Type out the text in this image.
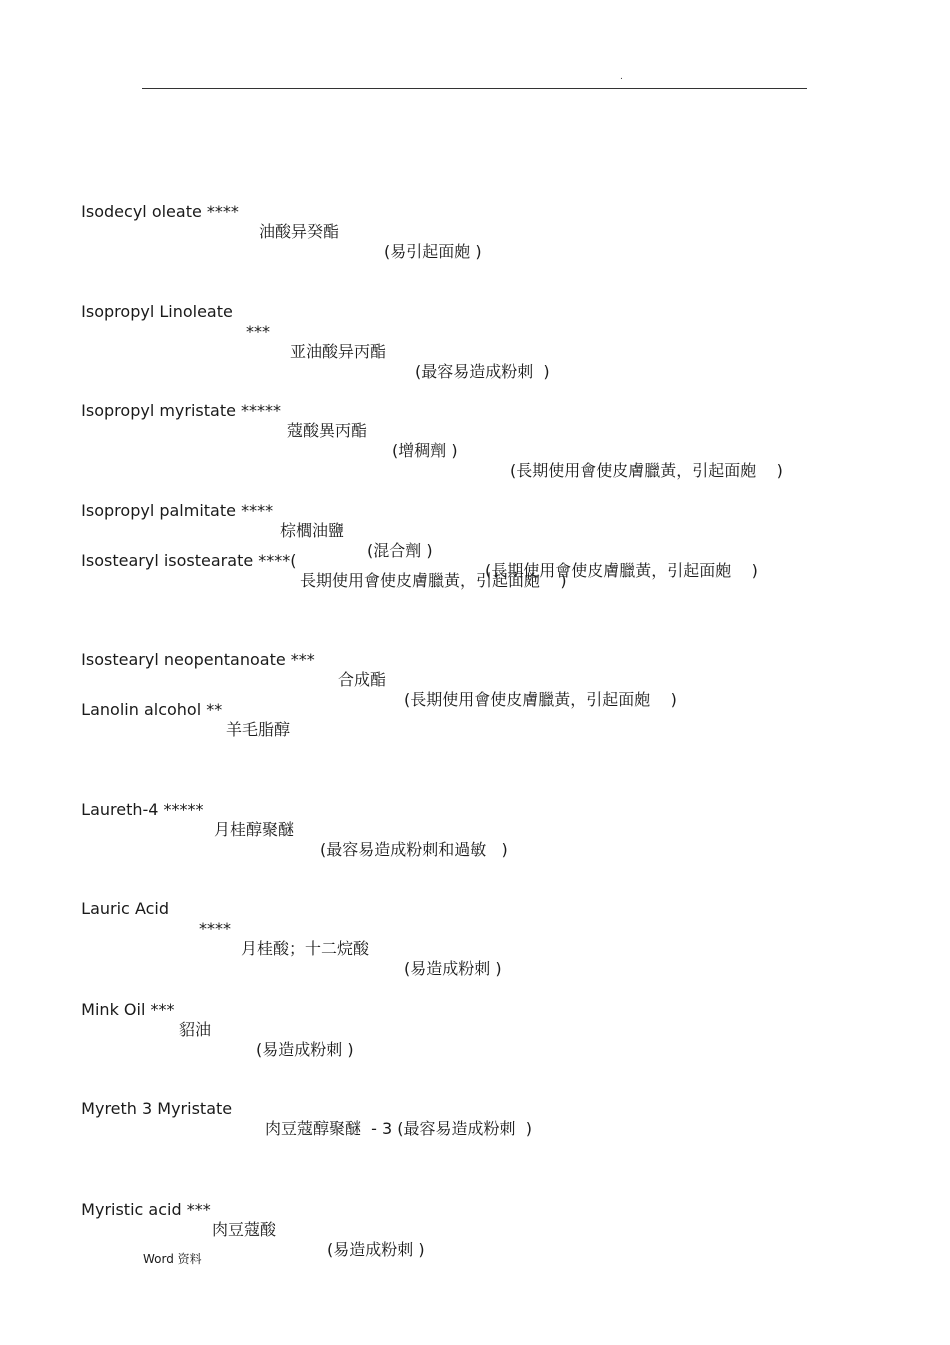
.

Isodecyl oleate ****

油酸异癸酯

(易引起面皰 )

Isopropyl Linoleate

***

亚油酸异丙酯

(最容易造成粉刺  )

Isopropyl myristate *****

蔻酸異丙酯

(增稠劑 )

(長期使用會使皮膚臘黃，引起面皰    )

Isopropyl palmitate ****

棕櫚油鹽

(混合劑 )

(長期使用會使皮膚臘黃，引起面皰    )

Isostearyl isostearate ****(

長期使用會使皮膚臘黃，引起面皰    )

Isostearyl neopentanoate ***

合成酯

(長期使用會使皮膚臘黃，引起面皰    )

Lanolin alcohol **

羊毛脂醇

Laureth-4 *****

月桂醇聚醚

(最容易造成粉刺和過敏   )

Lauric Acid

****

月桂酸；十二烷酸

(易造成粉刺 )

Mink Oil ***

貂油

(易造成粉刺 )

Myreth 3 Myristate

肉豆蔻醇聚醚  - 3 (最容易造成粉刺  )

Myristic acid ***

肉豆蔻酸

(易造成粉刺 )

Word 资料
